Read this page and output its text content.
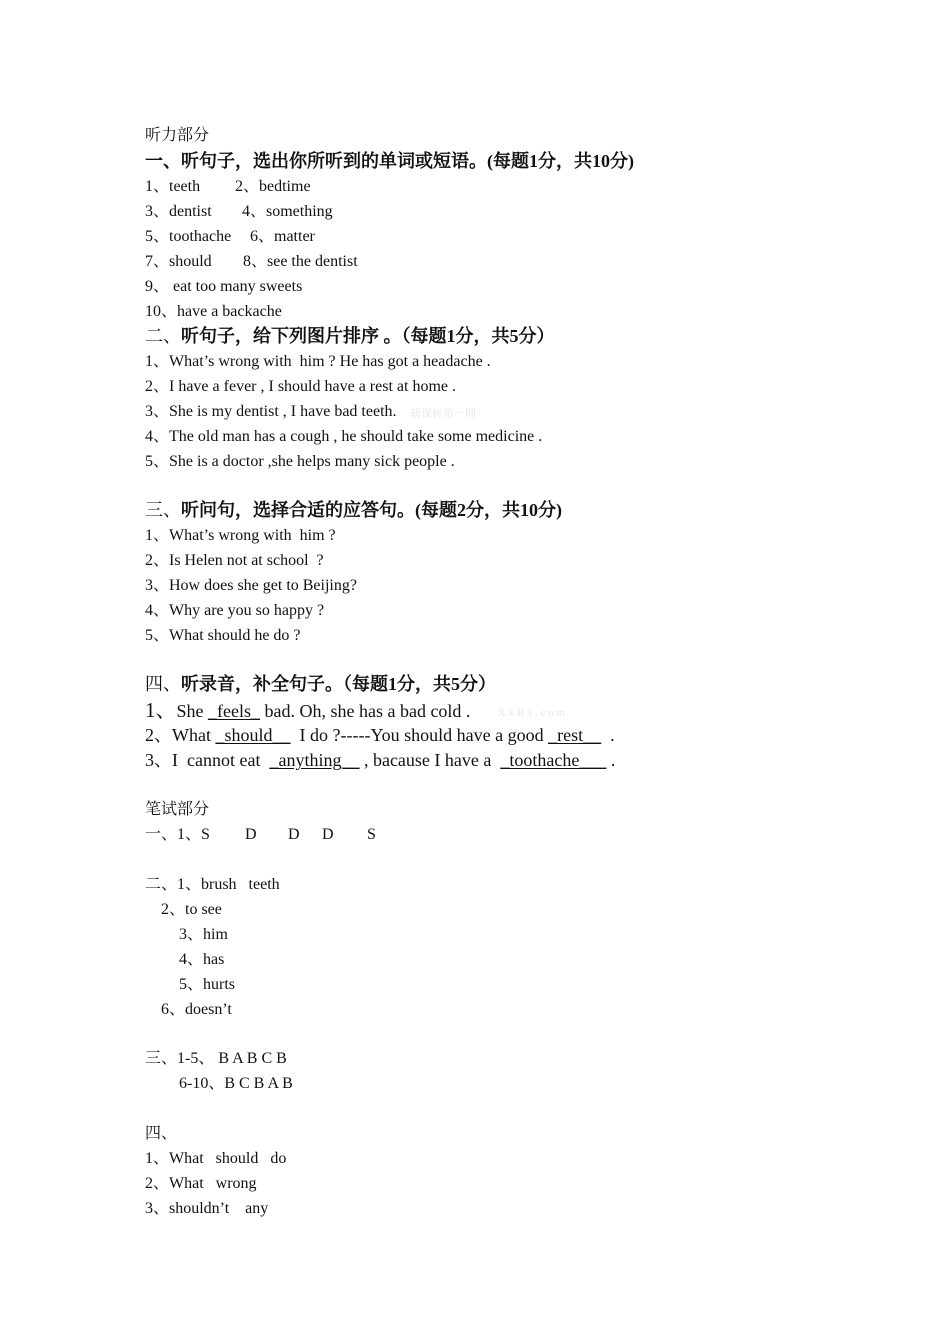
听力部分
一、听句子，选出你所听到的单词或短语。(每题1分，共10分)
1、teeth 2、bedtime
3、dentist 4、something
5、toothache 6、matter
7、should 8、see the dentist
9、 eat too many sweets
10、have a backache
二、听句子，给下列图片排序 。（每题1分，共5分）
1、What’s wrong with  him ? He has got a headache .
2、I have a fever , I should have a rest at home .
3、She is my dentist , I have bad teeth. 新课标第一网
4、The old man has a cough , he should take some medicine .
5、She is a doctor ,she helps many sick people .
三、听问句，选择合适的应答句。(每题2分，共10分)
1、What’s wrong with  him ?
2、Is Helen not at school  ?
3、How does she get to Beijing?
4、Why are you so happy ?
5、What should he do ?
四、听录音，补全句子。（每题1分，共5分）
1、She _feels_ bad. Oh, she has a bad cold .	X k B 1 . c o m
2、What _should__  I do ?-----You should have a good _rest__  .
3、I  cannot eat  _anything__ , bacause I have a  _toothache___ .
笔试部分
一、1、S D D D S
二、1、brush   teeth
2、to see
3、him
4、has
5、hurts
6、doesn’t
三、1-5、 B A B C B
6-10、B C B A B
四、
1、What   should   do
2、What   wrong
3、shouldn’t    any
